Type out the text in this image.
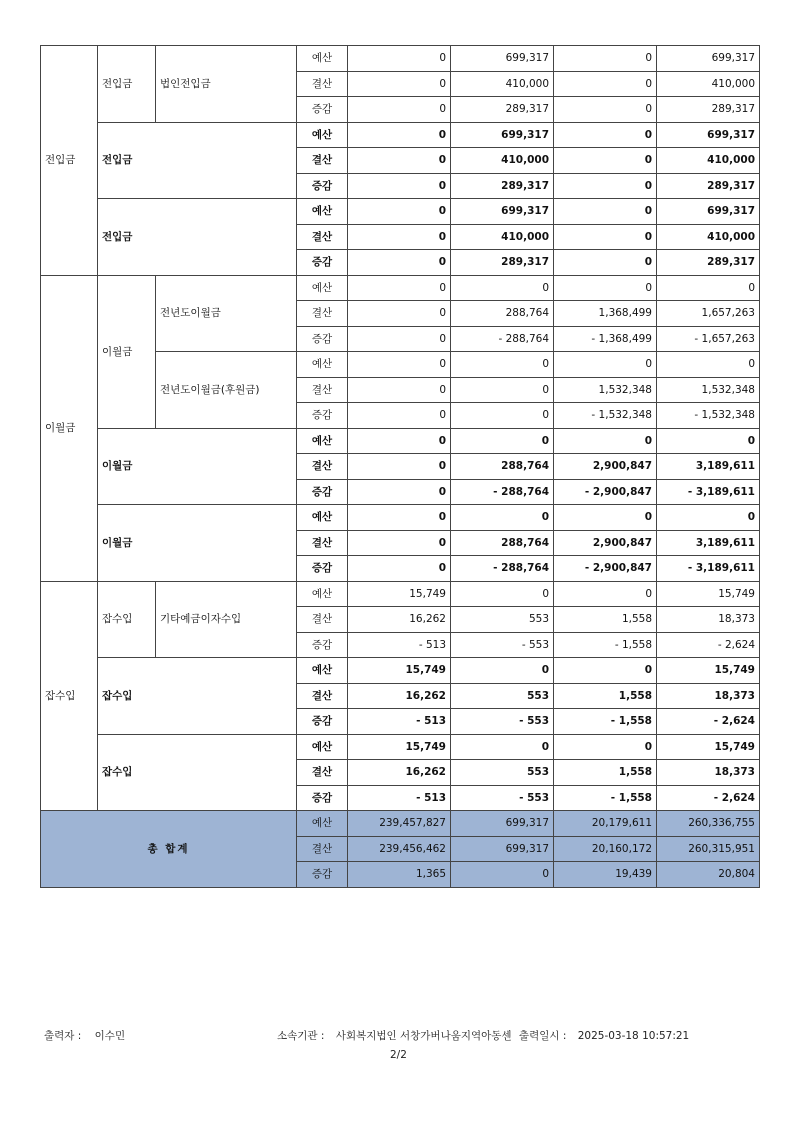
전입금	전입금	법인전입금	예산	0	699,317	0	699,317
			결산	0	410,000	0	410,000
			증감	0	289,317	0	289,317
	전입금		예산	0	699,317	0	699,317
			결산	0	410,000	0	410,000
			증감	0	289,317	0	289,317
	전입금		예산	0	699,317	0	699,317
			결산	0	410,000	0	410,000
			증감	0	289,317	0	289,317
이월금	이월금	전년도이월금	예산	0	0	0	0
			결산	0	288,764	1,368,499	1,657,263
			증감	0	- 288,764	- 1,368,499	- 1,657,263
		전년도이월금(후원금)	예산	0	0	0	0
			결산	0	0	1,532,348	1,532,348
			증감	0	0	- 1,532,348	- 1,532,348
	이월금		예산	0	0	0	0
			결산	0	288,764	2,900,847	3,189,611
			증감	0	- 288,764	- 2,900,847	- 3,189,611
	이월금		예산	0	0	0	0
			결산	0	288,764	2,900,847	3,189,611
			증감	0	- 288,764	- 2,900,847	- 3,189,611
잡수입	잡수입	기타예금이자수입	예산	15,749	0	0	15,749
			결산	16,262	553	1,558	18,373
			증감	- 513	- 553	- 1,558	- 2,624
	잡수입		예산	15,749	0	0	15,749
			결산	16,262	553	1,558	18,373
			증감	- 513	- 553	- 1,558	- 2,624
	잡수입		예산	15,749	0	0	15,749
			결산	16,262	553	1,558	18,373
			증감	- 513	- 553	- 1,558	- 2,624
총 합계			예산	239,457,827	699,317	20,179,611	260,336,755
			결산	239,456,462	699,317	20,160,172	260,315,951
			증감	1,365	0	19,439	20,804
출력자 : 이수민	소속기관 : 사회복지법인 서창가버나움지역아동센 출력일시 : 2025-03-18 10:57:21
2/2
